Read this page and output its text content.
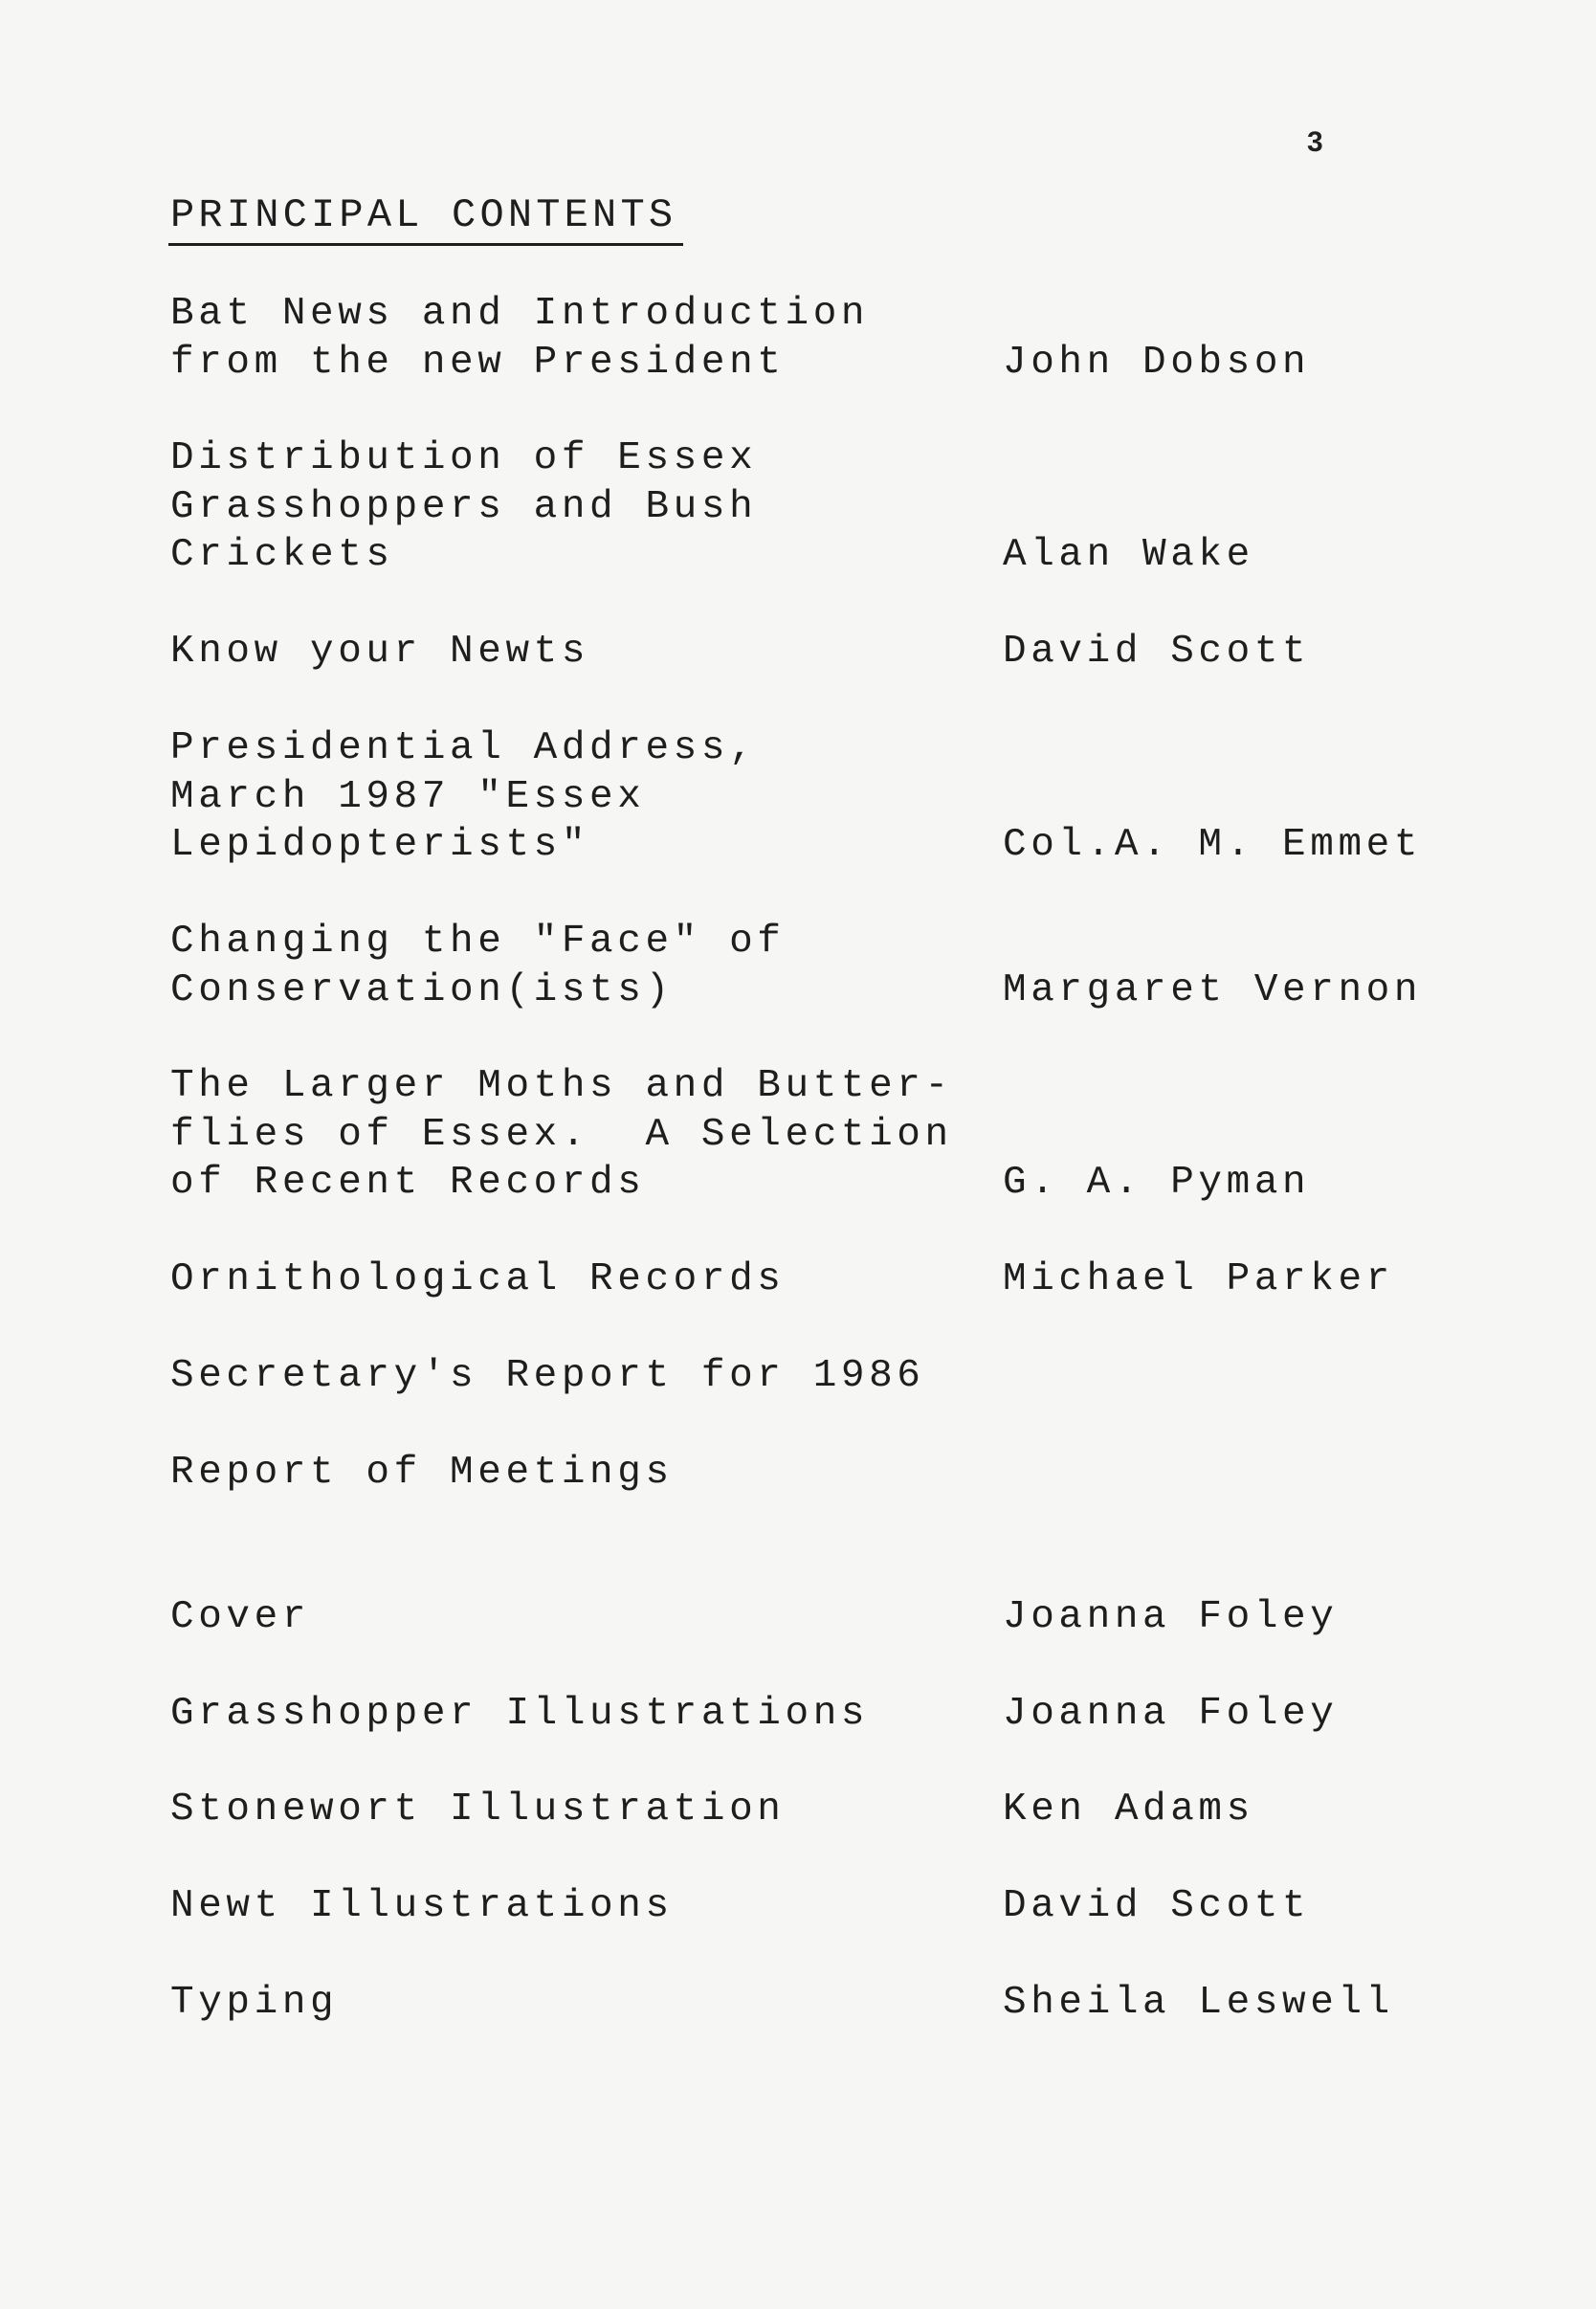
3
PRINCIPAL CONTENTS
Bat News and Introduction
from the new President	John Dobson
Distribution of Essex
Grasshoppers and Bush
Crickets	Alan Wake
Know your Newts	David Scott
Presidential Address,
March 1987 "Essex
Lepidopterists"	Col.A. M. Emmet
Changing the "Face" of
Conservation(ists)	Margaret Vernon
The Larger Moths and Butter-
flies of Essex.  A Selection
of Recent Records	G. A. Pyman
Ornithological Records	Michael Parker
Secretary's Report for 1986
Report of Meetings
Cover	Joanna Foley
Grasshopper Illustrations	Joanna Foley
Stonewort Illustration	Ken Adams
Newt Illustrations	David Scott
Typing	Sheila Leswell
